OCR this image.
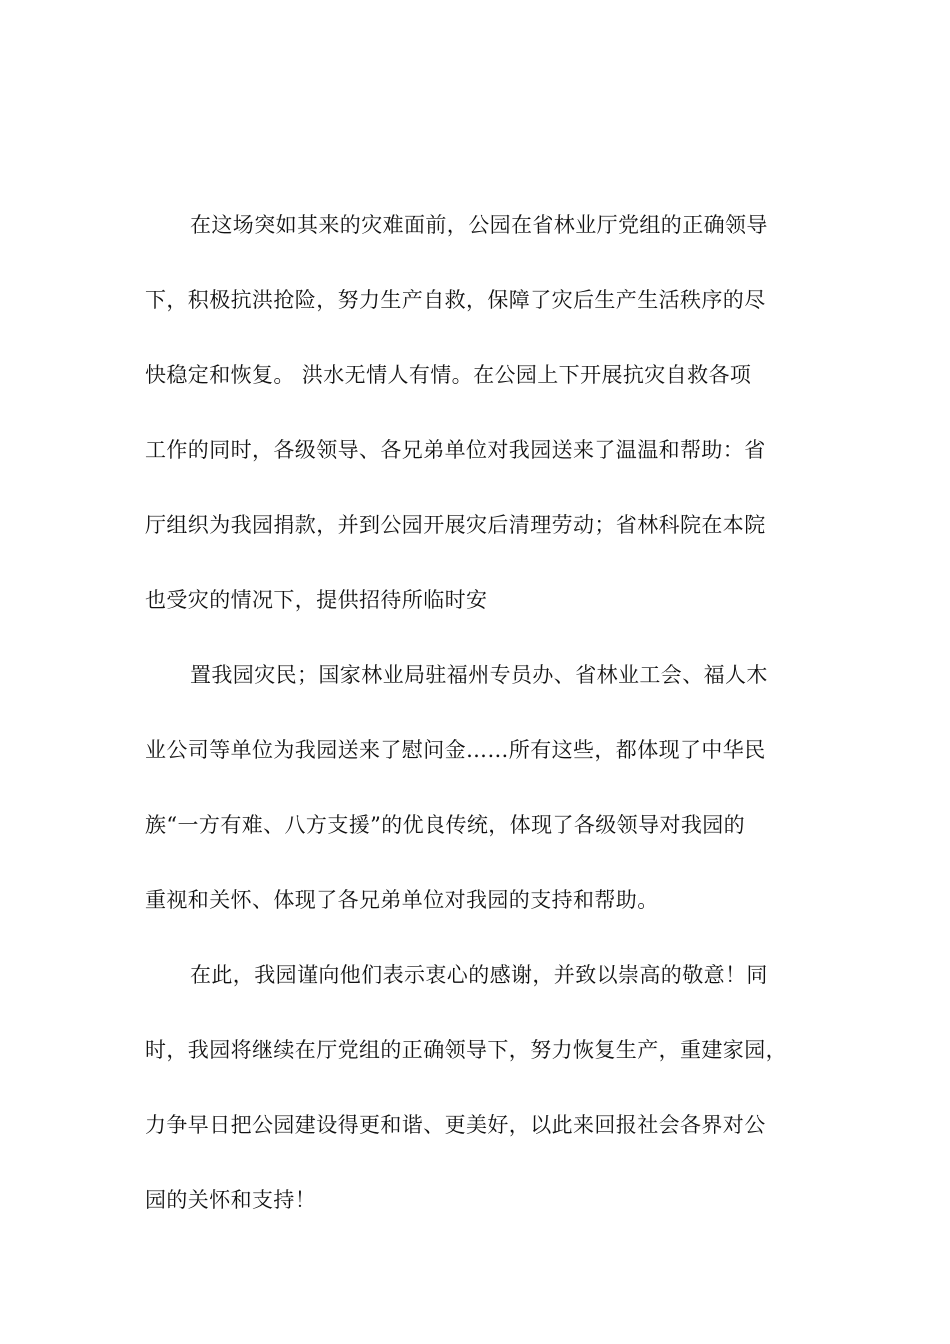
在这场突如其来的灾难面前，公园在省林业厅党组的正确领导
下，积极抗洪抢险，努力生产自救，保障了灾后生产生活秩序的尽
快稳定和恢复。 洪水无情人有情。在公园上下开展抗灾自救各项
工作的同时，各级领导、各兄弟单位对我园送来了温温和帮助：省
厅组织为我园捐款，并到公园开展灾后清理劳动；省林科院在本院
也受灾的情况下，提供招待所临时安
置我园灾民；国家林业局驻福州专员办、省林业工会、福人木
业公司等单位为我园送来了慰问金……所有这些，都体现了中华民
族“一方有难、八方支援”的优良传统，体现了各级领导对我园的
重视和关怀、体现了各兄弟单位对我园的支持和帮助。
在此，我园谨向他们表示衷心的感谢，并致以崇高的敬意！同
时，我园将继续在厅党组的正确领导下，努力恢复生产，重建家园，
力争早日把公园建设得更和谐、更美好，以此来回报社会各界对公
园的关怀和支持！
